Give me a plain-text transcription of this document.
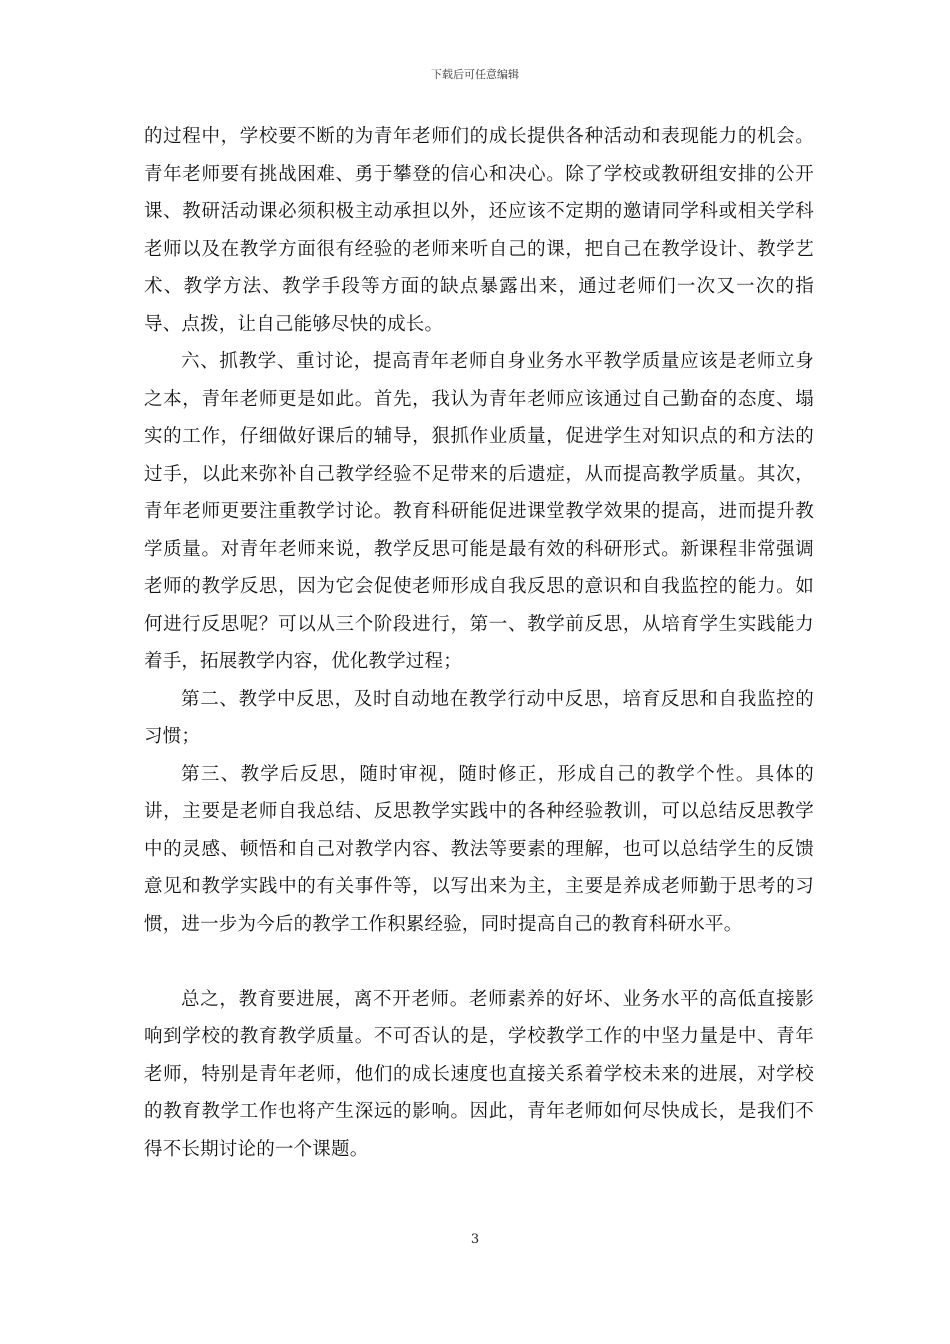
下载后可任意编辑

的过程中，学校要不断的为青年老师们的成长提供各种活动和表现能力的机会。青年老师要有挑战困难、勇于攀登的信心和决心。除了学校或教研组安排的公开课、教研活动课必须积极主动承担以外，还应该不定期的邀请同学科或相关学科老师以及在教学方面很有经验的老师来听自己的课，把自己在教学设计、教学艺术、教学方法、教学手段等方面的缺点暴露出来，通过老师们一次又一次的指导、点拨，让自己能够尽快的成长。

六、抓教学、重讨论，提高青年老师自身业务水平教学质量应该是老师立身之本，青年老师更是如此。首先，我认为青年老师应该通过自己勤奋的态度、塌实的工作，仔细做好课后的辅导，狠抓作业质量，促进学生对知识点的和方法的过手，以此来弥补自己教学经验不足带来的后遗症，从而提高教学质量。其次，青年老师更要注重教学讨论。教育科研能促进课堂教学效果的提高，进而提升教学质量。对青年老师来说，教学反思可能是最有效的科研形式。新课程非常强调老师的教学反思，因为它会促使老师形成自我反思的意识和自我监控的能力。如何进行反思呢？可以从三个阶段进行，第一、教学前反思，从培育学生实践能力着手，拓展教学内容，优化教学过程；

第二、教学中反思，及时自动地在教学行动中反思，培育反思和自我监控的习惯；

第三、教学后反思，随时审视，随时修正，形成自己的教学个性。具体的讲，主要是老师自我总结、反思教学实践中的各种经验教训，可以总结反思教学中的灵感、顿悟和自己对教学内容、教法等要素的理解，也可以总结学生的反馈意见和教学实践中的有关事件等，以写出来为主，主要是养成老师勤于思考的习惯，进一步为今后的教学工作积累经验，同时提高自己的教育科研水平。

总之，教育要进展，离不开老师。老师素养的好坏、业务水平的高低直接影响到学校的教育教学质量。不可否认的是，学校教学工作的中坚力量是中、青年老师，特别是青年老师，他们的成长速度也直接关系着学校未来的进展，对学校的教育教学工作也将产生深远的影响。因此，青年老师如何尽快成长，是我们不得不长期讨论的一个课题。

3
